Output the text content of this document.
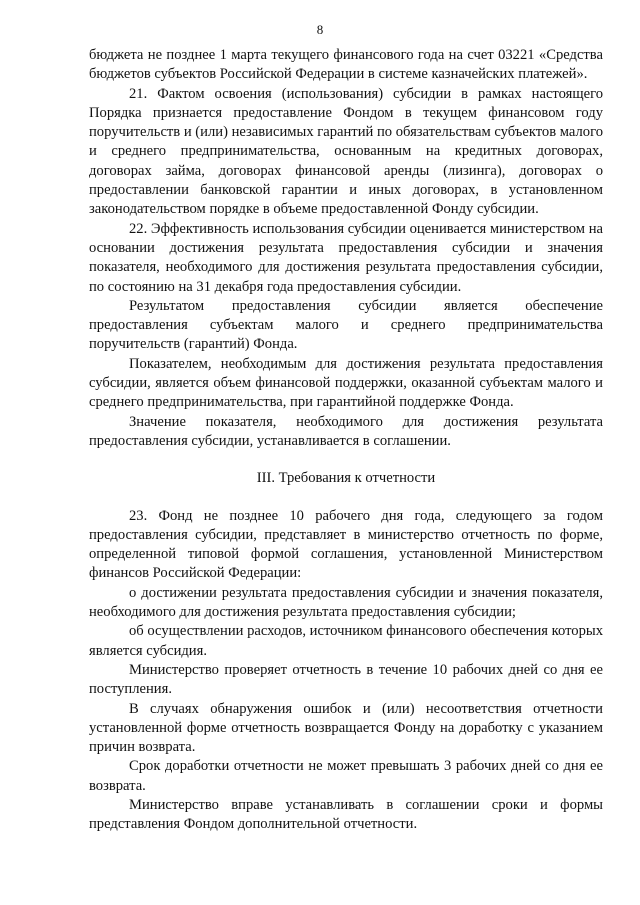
8

бюджета не позднее 1 марта текущего финансового года на счет 03221 «Средства бюджетов субъектов Российской Федерации в системе казначейских платежей».

21. Фактом освоения (использования) субсидии в рамках настоящего Порядка признается предоставление Фондом в текущем финансовом году поручительств и (или) независимых гарантий по обязательствам субъектов малого и среднего предпринимательства, основанным на кредитных договорах, договорах займа, договорах финансовой аренды (лизинга), договорах о предоставлении банковской гарантии и иных договорах, в установленном законодательством порядке в объеме предоставленной Фонду субсидии.

22. Эффективность использования субсидии оценивается министерством на основании достижения результата предоставления субсидии и значения показателя, необходимого для достижения результата предоставления субсидии, по состоянию на 31 декабря года предоставления субсидии.

Результатом предоставления субсидии является обеспечение предоставления субъектам малого и среднего предпринимательства поручительств (гарантий) Фонда.

Показателем, необходимым для достижения результата предоставления субсидии, является объем финансовой поддержки, оказанной субъектам малого и среднего предпринимательства, при гарантийной поддержке Фонда.

Значение показателя, необходимого для достижения результата предоставления субсидии, устанавливается в соглашении.

III. Требования к отчетности

23. Фонд не позднее 10 рабочего дня года, следующего за годом предоставления субсидии, представляет в министерство отчетность по форме, определенной типовой формой соглашения, установленной Министерством финансов Российской Федерации:

о достижении результата предоставления субсидии и значения показателя, необходимого для достижения результата предоставления субсидии;

об осуществлении расходов, источником финансового обеспечения которых является субсидия.

Министерство проверяет отчетность в течение 10 рабочих дней со дня ее поступления.

В случаях обнаружения ошибок и (или) несоответствия отчетности установленной форме отчетность возвращается Фонду на доработку с указанием причин возврата.

Срок доработки отчетности не может превышать 3 рабочих дней со дня ее возврата.

Министерство вправе устанавливать в соглашении сроки и формы представления Фондом дополнительной отчетности.
